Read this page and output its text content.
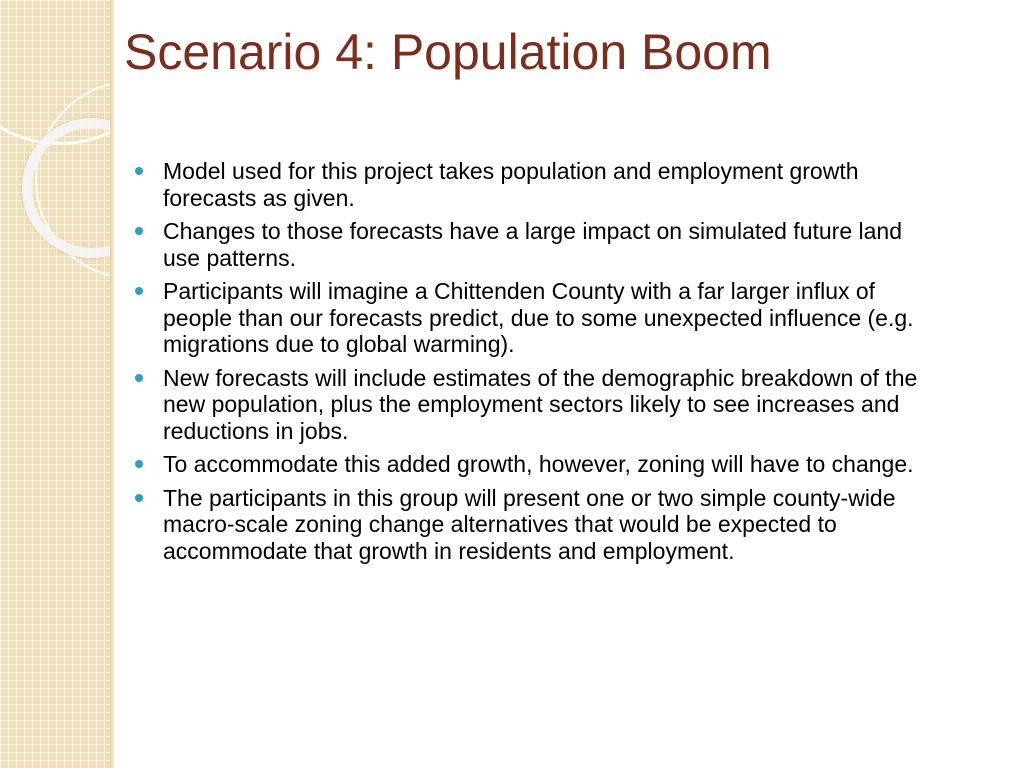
Scenario 4: Population Boom
Model used for this project takes population and employment growth forecasts as given.
Changes to those forecasts have a large impact on simulated future land use patterns.
Participants will imagine a Chittenden County with a far larger influx of people than our forecasts predict, due to some unexpected influence (e.g. migrations due to global warming).
New forecasts will include estimates of the demographic breakdown of the new population, plus the employment sectors likely to see increases and reductions in jobs.
To accommodate this added growth, however, zoning will have to change.
The participants in this group will present one or two simple county-wide macro-scale zoning change alternatives that would be expected to accommodate that growth in residents and employment.
